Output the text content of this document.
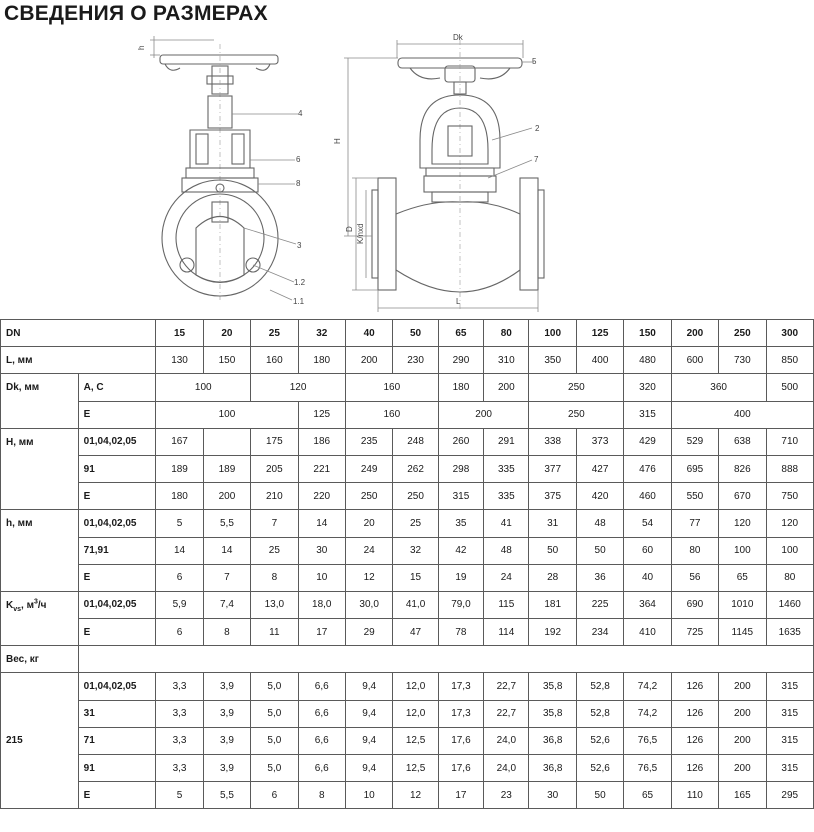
СВЕДЕНИЯ О РАЗМЕРАХ
h
4
6
8
3
1.2
1.1
Dk
5
H
2
7
D K/nxd
L
DN		15	20	25	32	40	50	65	80	100	125	150	200	250	300
L, мм		130	150	160	180	200	230	290	310	350	400	480	600	730	850
Dk, мм	A, C	100		120		160		180	200	250		320	360		500
	E	100			125	160		200		250		315	400		
H, мм	01,04,02,05	167		175	186	235	248	260	291	338	373	429	529	638	710
	91	189	189	205	221	249	262	298	335	377	427	476	695	826	888
	E	180	200	210	220	250	250	315	335	375	420	460	550	670	750
h, мм	01,04,02,05	5	5,5	7	14	20	25	35	41	31	48	54	77	120	120
	71,91	14	14	25	30	24	32	42	48	50	50	60	80	100	100
	E	6	7	8	10	12	15	19	24	28	36	40	56	65	80
$K_{vs}$, $м^3/ч$	01,04,02,05	5,9	7,4	13,0	18,0	30,0	41,0	79,0	115	181	225	364	690	1010	1460
	E	6	8	11	17	29	47	78	114	192	234	410	725	1145	1635
Вес, кг															
215	01,04,02,05	3,3	3,9	5,0	6,6	9,4	12,0	17,3	22,7	35,8	52,8	74,2	126	200	315
	31	3,3	3,9	5,0	6,6	9,4	12,0	17,3	22,7	35,8	52,8	74,2	126	200	315
	71	3,3	3,9	5,0	6,6	9,4	12,5	17,6	24,0	36,8	52,6	76,5	126	200	315
	91	3,3	3,9	5,0	6,6	9,4	12,5	17,6	24,0	36,8	52,6	76,5	126	200	315
	E	5	5,5	6	8	10	12	17	23	30	50	65	110	165	295
